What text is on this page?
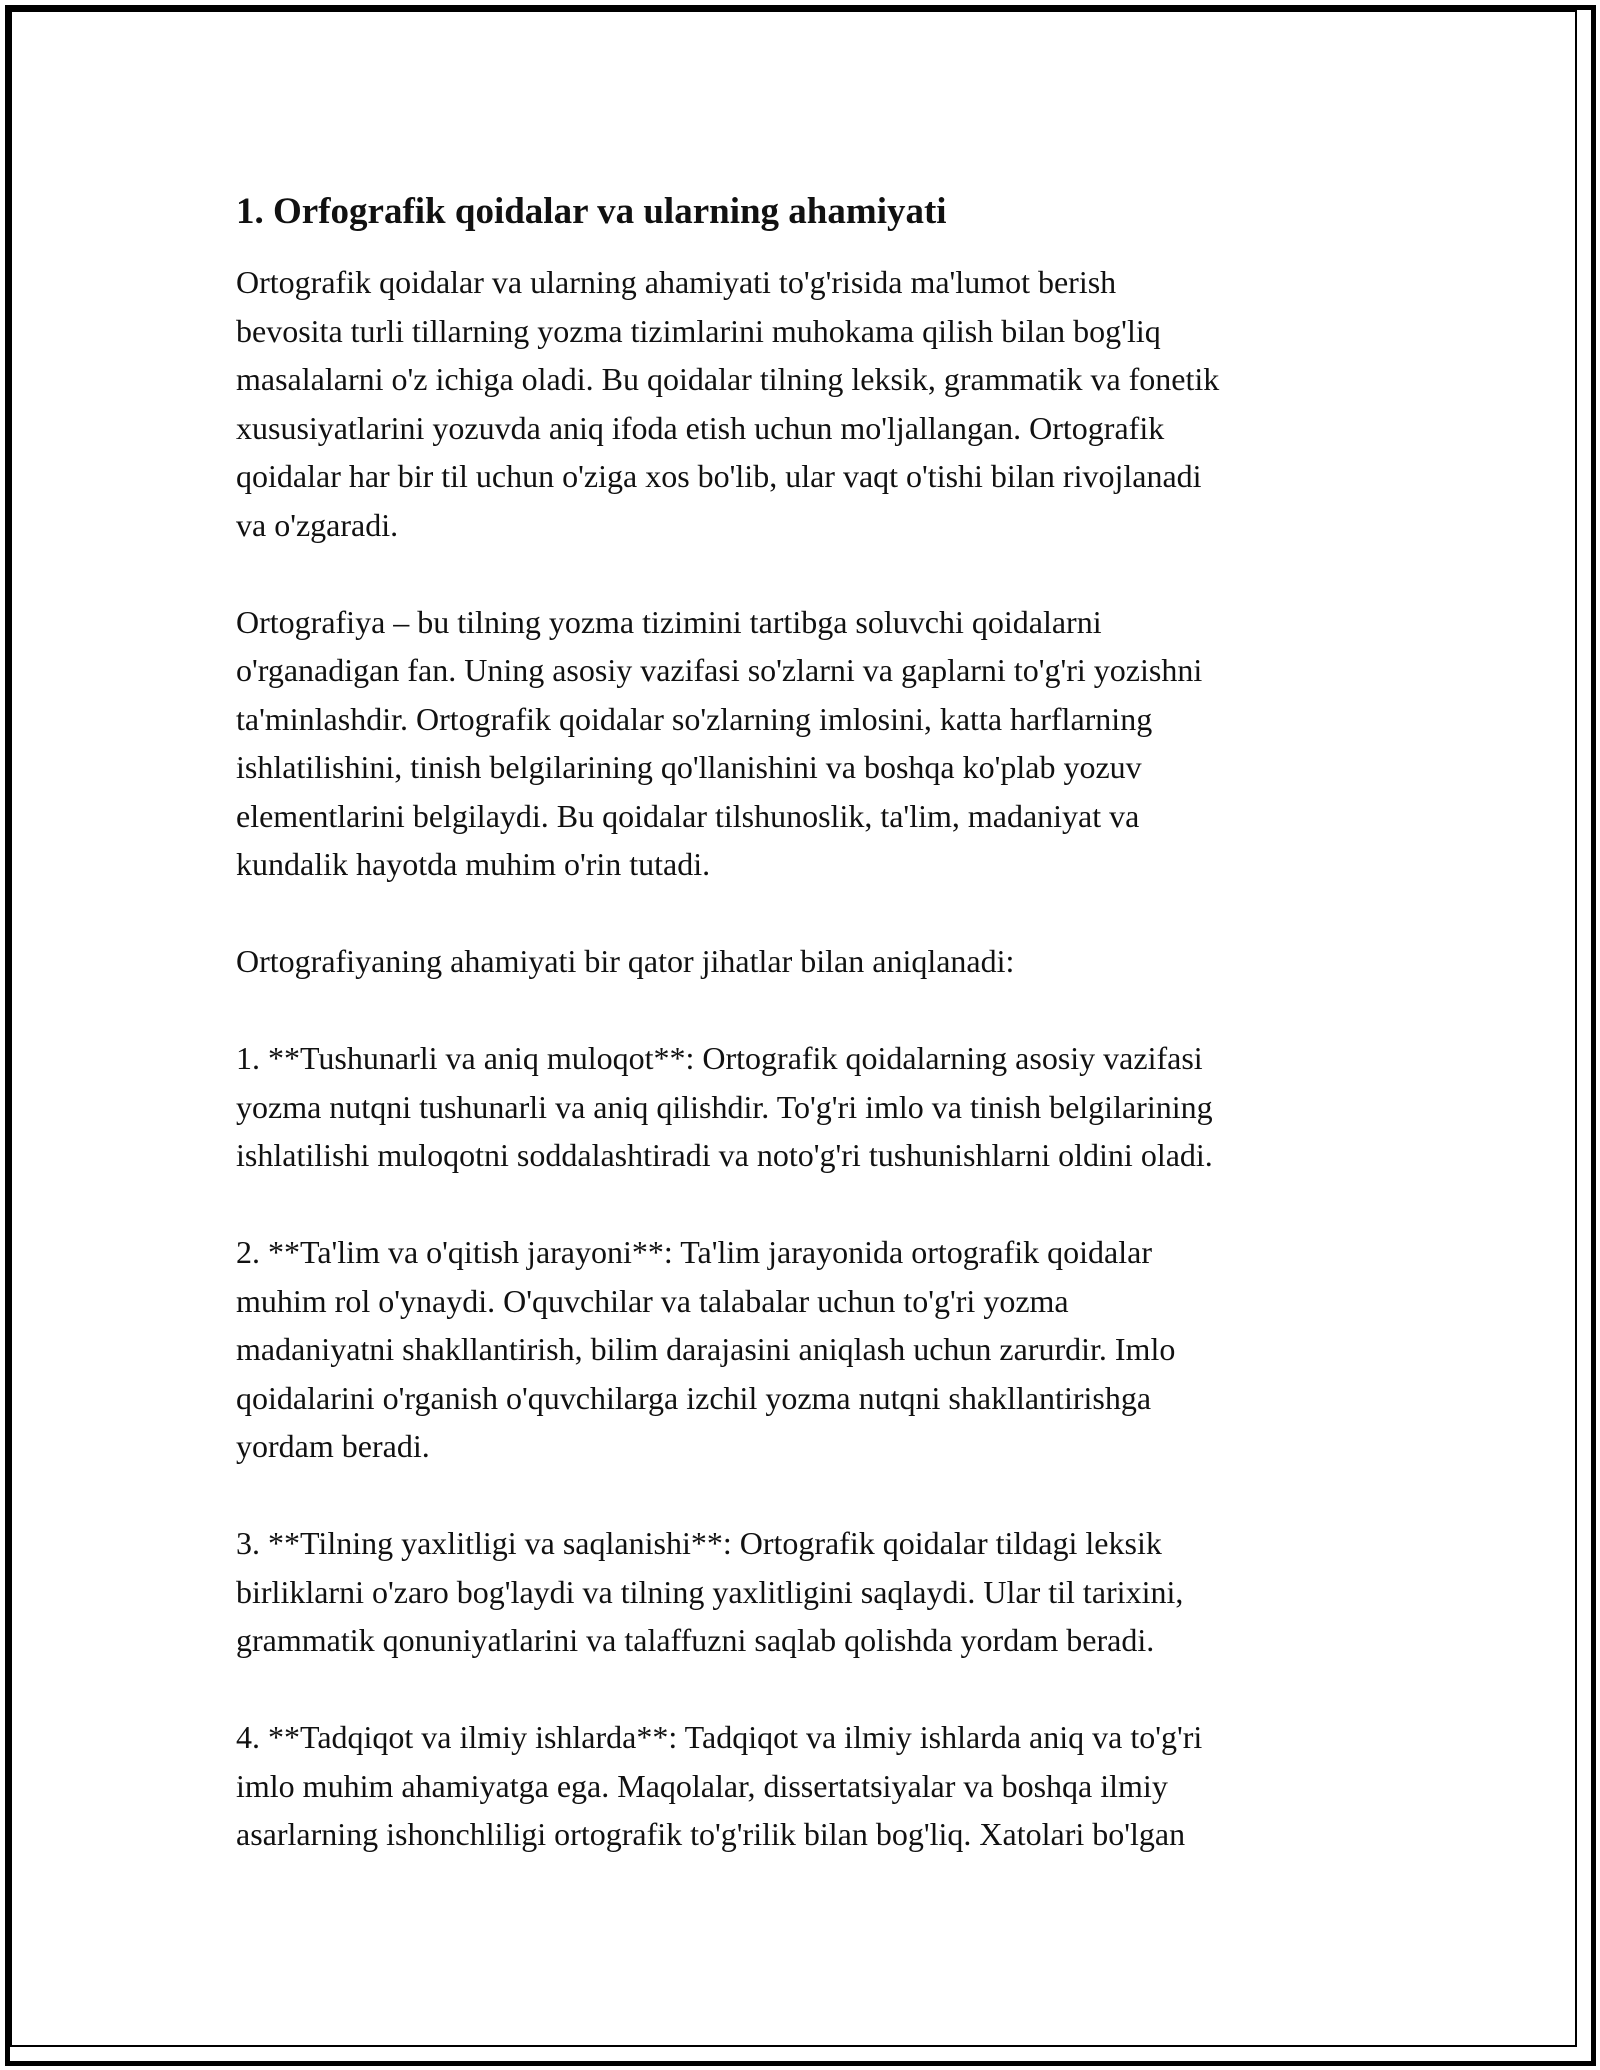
1. Orfografik qoidalar va ularning ahamiyati

Ortografik qoidalar va ularning ahamiyati to'g'risida ma'lumot berish
bevosita turli tillarning yozma tizimlarini muhokama qilish bilan bog'liq
masalalarni o'z ichiga oladi. Bu qoidalar tilning leksik, grammatik va fonetik
xususiyatlarini yozuvda aniq ifoda etish uchun mo'ljallangan. Ortografik
qoidalar har bir til uchun o'ziga xos bo'lib, ular vaqt o'tishi bilan rivojlanadi
va o'zgaradi.

Ortografiya – bu tilning yozma tizimini tartibga soluvchi qoidalarni
o'rganadigan fan. Uning asosiy vazifasi so'zlarni va gaplarni to'g'ri yozishni
ta'minlashdir. Ortografik qoidalar so'zlarning imlosini, katta harflarning
ishlatilishini, tinish belgilarining qo'llanishini va boshqa ko'plab yozuv
elementlarini belgilaydi. Bu qoidalar tilshunoslik, ta'lim, madaniyat va
kundalik hayotda muhim o'rin tutadi.

Ortografiyaning ahamiyati bir qator jihatlar bilan aniqlanadi:

1. **Tushunarli va aniq muloqot**: Ortografik qoidalarning asosiy vazifasi
yozma nutqni tushunarli va aniq qilishdir. To'g'ri imlo va tinish belgilarining
ishlatilishi muloqotni soddalashtiradi va noto'g'ri tushunishlarni oldini oladi.

2. **Ta'lim va o'qitish jarayoni**: Ta'lim jarayonida ortografik qoidalar
muhim rol o'ynaydi. O'quvchilar va talabalar uchun to'g'ri yozma
madaniyatni shakllantirish, bilim darajasini aniqlash uchun zarurdir. Imlo
qoidalarini o'rganish o'quvchilarga izchil yozma nutqni shakllantirishga
yordam beradi.

3. **Tilning yaxlitligi va saqlanishi**: Ortografik qoidalar tildagi leksik
birliklarni o'zaro bog'laydi va tilning yaxlitligini saqlaydi. Ular til tarixini,
grammatik qonuniyatlarini va talaffuzni saqlab qolishda yordam beradi.

4. **Tadqiqot va ilmiy ishlarda**: Tadqiqot va ilmiy ishlarda aniq va to'g'ri
imlo muhim ahamiyatga ega. Maqolalar, dissertatsiyalar va boshqa ilmiy
asarlarning ishonchliligi ortografik to'g'rilik bilan bog'liq. Xatolari bo'lgan
